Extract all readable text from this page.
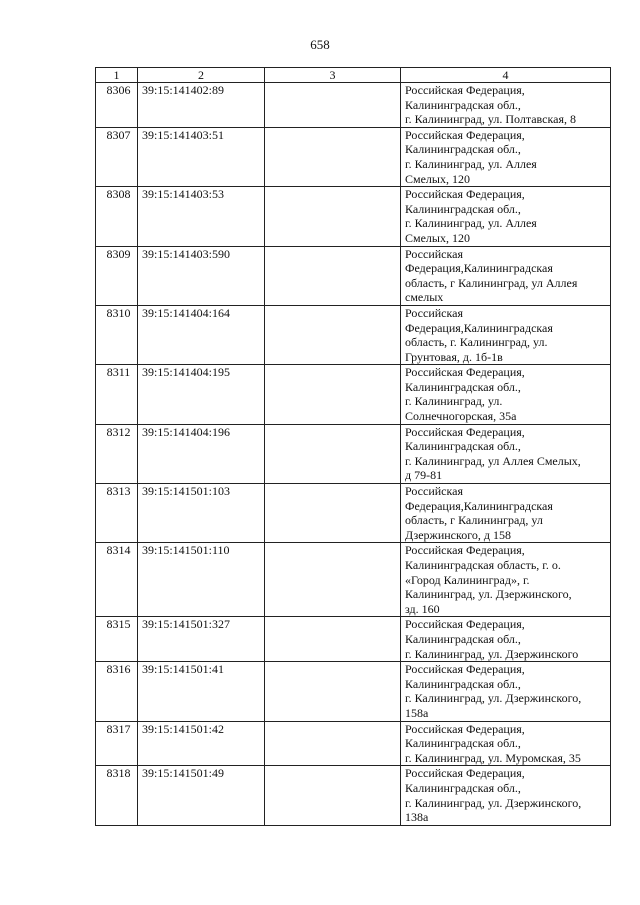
658
1	2	3	4
8306	39:15:141402:89		Российская Федерация,
Калининградская обл.,
г. Калининград, ул. Полтавская, 8

8307	39:15:141403:51		Российская Федерация,
Калининградская обл.,
г. Калининград, ул. Аллея
Смелых, 120

8308	39:15:141403:53		Российская Федерация,
Калининградская обл.,
г. Калининград, ул. Аллея
Смелых, 120

8309	39:15:141403:590		Российская
Федерация,Калининградская
область, г Калининград, ул Аллея
смелых

8310	39:15:141404:164		Российская
Федерация,Калининградская
область, г. Калининград, ул.
Грунтовая, д. 1б-1в

8311	39:15:141404:195		Российская Федерация,
Калининградская обл.,
г. Калининград, ул.
Солнечногорская, 35а

8312	39:15:141404:196		Российская Федерация,
Калининградская обл.,
г. Калининград, ул Аллея Смелых,
д 79-81

8313	39:15:141501:103		Российская
Федерация,Калининградская
область, г Калининград, ул
Дзержинского, д 158

8314	39:15:141501:110		Российская Федерация,
Калининградская область, г. о.
«Город Калининград», г.
Калининград, ул. Дзержинского,
зд. 160

8315	39:15:141501:327		Российская Федерация,
Калининградская обл.,
г. Калининград, ул. Дзержинского

8316	39:15:141501:41		Российская Федерация,
Калининградская обл.,
г. Калининград, ул. Дзержинского,
158а

8317	39:15:141501:42		Российская Федерация,
Калининградская обл.,
г. Калининград, ул. Муромская, 35

8318	39:15:141501:49		Российская Федерация,
Калининградская обл.,
г. Калининград, ул. Дзержинского,
138а
